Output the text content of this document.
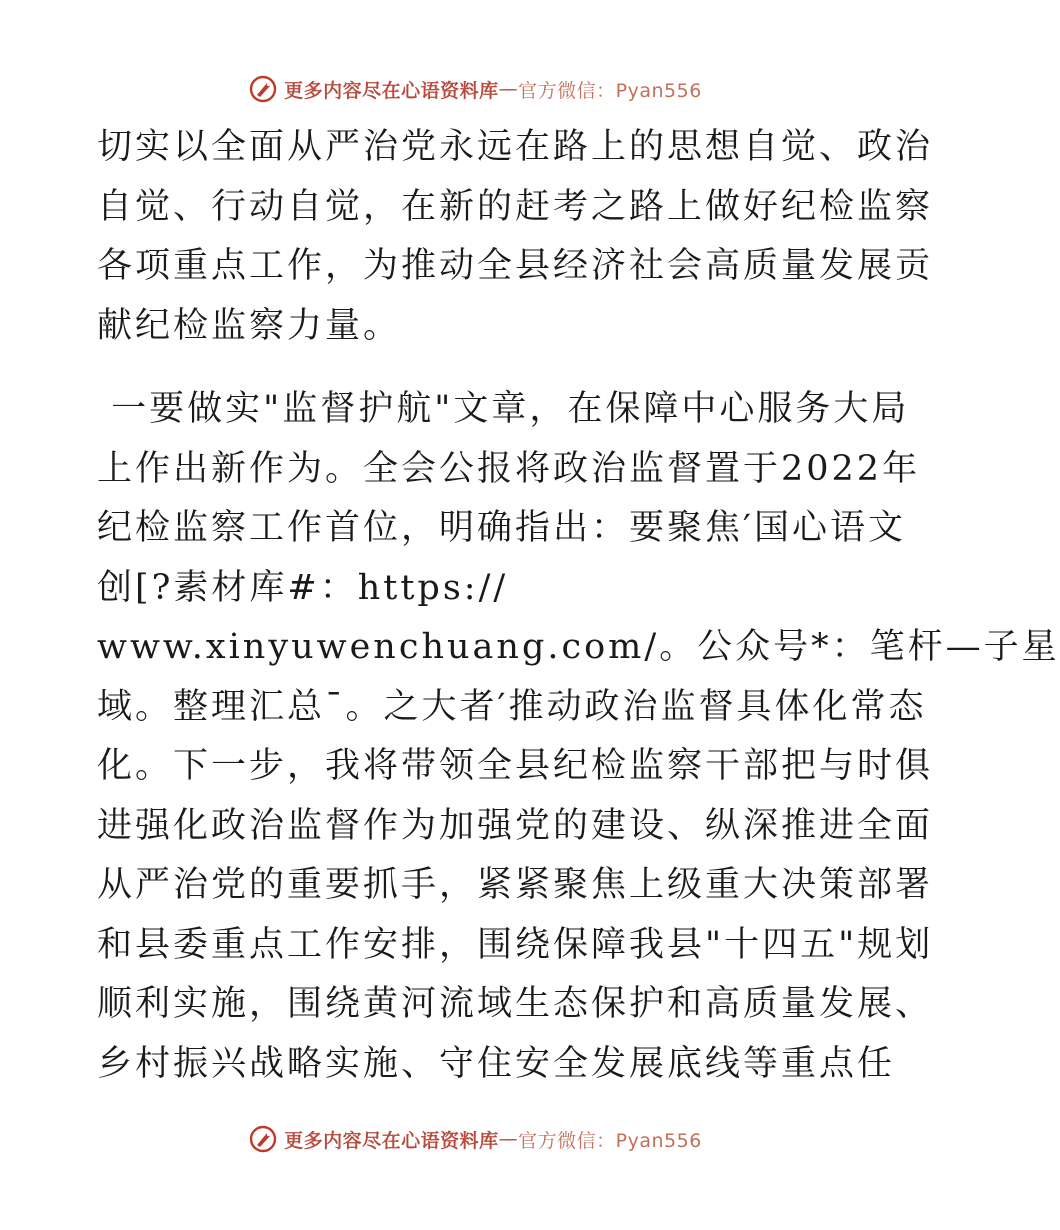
更多内容尽在心语资料库 — 官方微信：Pyan556

切实以全面从严治党永远在路上的思想自觉、政治
自觉、行动自觉，在新的赶考之路上做好纪检监察
各项重点工作，为推动全县经济社会高质量发展贡
献纪检监察力量。

一要做实"监督护航"文章，在保障中心服务大局
上作出新作为。全会公报将政治监督置于2022年
纪检监察工作首位，明确指出：要聚焦′国心语文
创[?素材库#：https://
www.xinyuwenchuang.com/。公众号*：笔杆—子星
域。整理汇总¯。之大者′推动政治监督具体化常态
化。下一步，我将带领全县纪检监察干部把与时俱
进强化政治监督作为加强党的建设、纵深推进全面
从严治党的重要抓手，紧紧聚焦上级重大决策部署
和县委重点工作安排，围绕保障我县"十四五"规划
顺利实施，围绕黄河流域生态保护和高质量发展、
乡村振兴战略实施、守住安全发展底线等重点任

更多内容尽在心语资料库 — 官方微信：Pyan556
